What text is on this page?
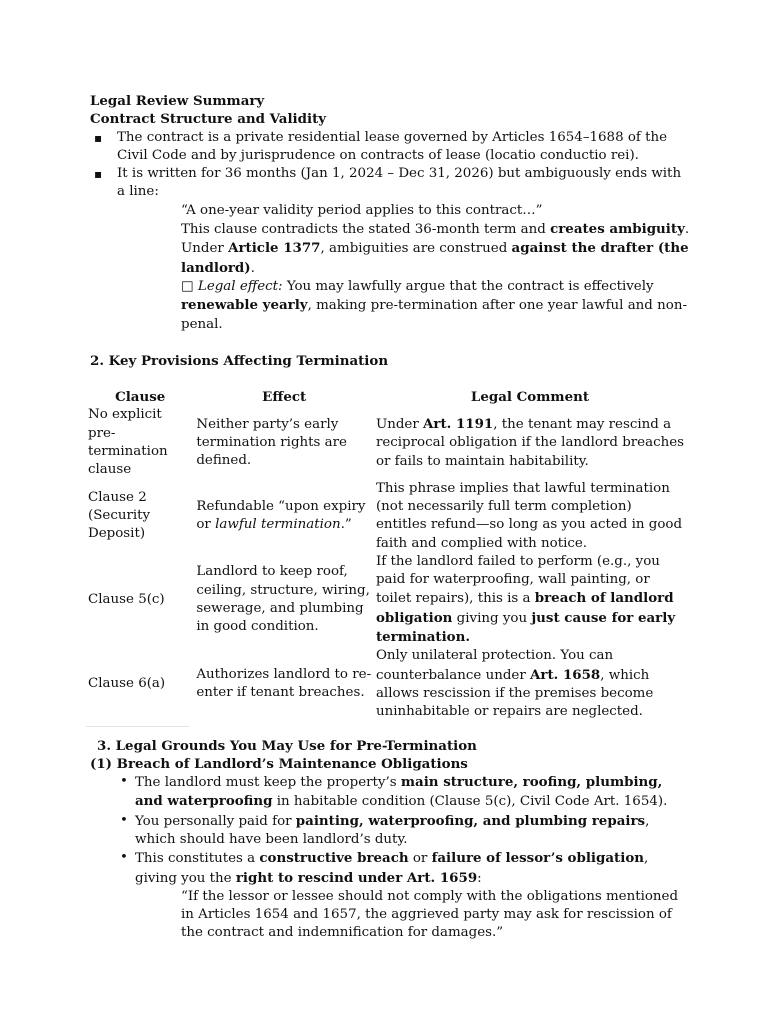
Legal Review Summary

Contract Structure and Validity

▪ The contract is a private residential lease governed by Articles 1654–1688 of the Civil Code and by jurisprudence on contracts of lease (locatio conductio rei).
▪ It is written for 36 months (Jan 1, 2024 – Dec 31, 2026) but ambiguously ends with a line:
“A one-year validity period applies to this contract…”
This clause contradicts the stated 36-month term and creates ambiguity.
Under Article 1377, ambiguities are construed against the drafter (the landlord).
□ Legal effect: You may lawfully argue that the contract is effectively renewable yearly, making pre-termination after one year lawful and non-penal.

2. Key Provisions Affecting Termination

Clause	Effect	Legal Comment
No explicit pre-termination clause	Neither party’s early termination rights are defined.	Under Art. 1191, the tenant may rescind a reciprocal obligation if the landlord breaches or fails to maintain habitability.
Clause 2 (Security Deposit)	Refundable “upon expiry or lawful termination.”	This phrase implies that lawful termination (not necessarily full term completion) entitles refund—so long as you acted in good faith and complied with notice.
Clause 5(c)	Landlord to keep roof, ceiling, structure, wiring, sewerage, and plumbing in good condition.	If the landlord failed to perform (e.g., you paid for waterproofing, wall painting, or toilet repairs), this is a breach of landlord obligation giving you just cause for early termination.
Clause 6(a)	Authorizes landlord to re-enter if tenant breaches.	Only unilateral protection. You can counterbalance under Art. 1658, which allows rescission if the premises become uninhabitable or repairs are neglected.

3. Legal Grounds You May Use for Pre-Termination

(1) Breach of Landlord’s Maintenance Obligations

• The landlord must keep the property’s main structure, roofing, plumbing, and waterproofing in habitable condition (Clause 5(c), Civil Code Art. 1654).
• You personally paid for painting, waterproofing, and plumbing repairs, which should have been landlord’s duty.
• This constitutes a constructive breach or failure of lessor’s obligation, giving you the right to rescind under Art. 1659:
“If the lessor or lessee should not comply with the obligations mentioned in Articles 1654 and 1657, the aggrieved party may ask for rescission of the contract and indemnification for damages.”
